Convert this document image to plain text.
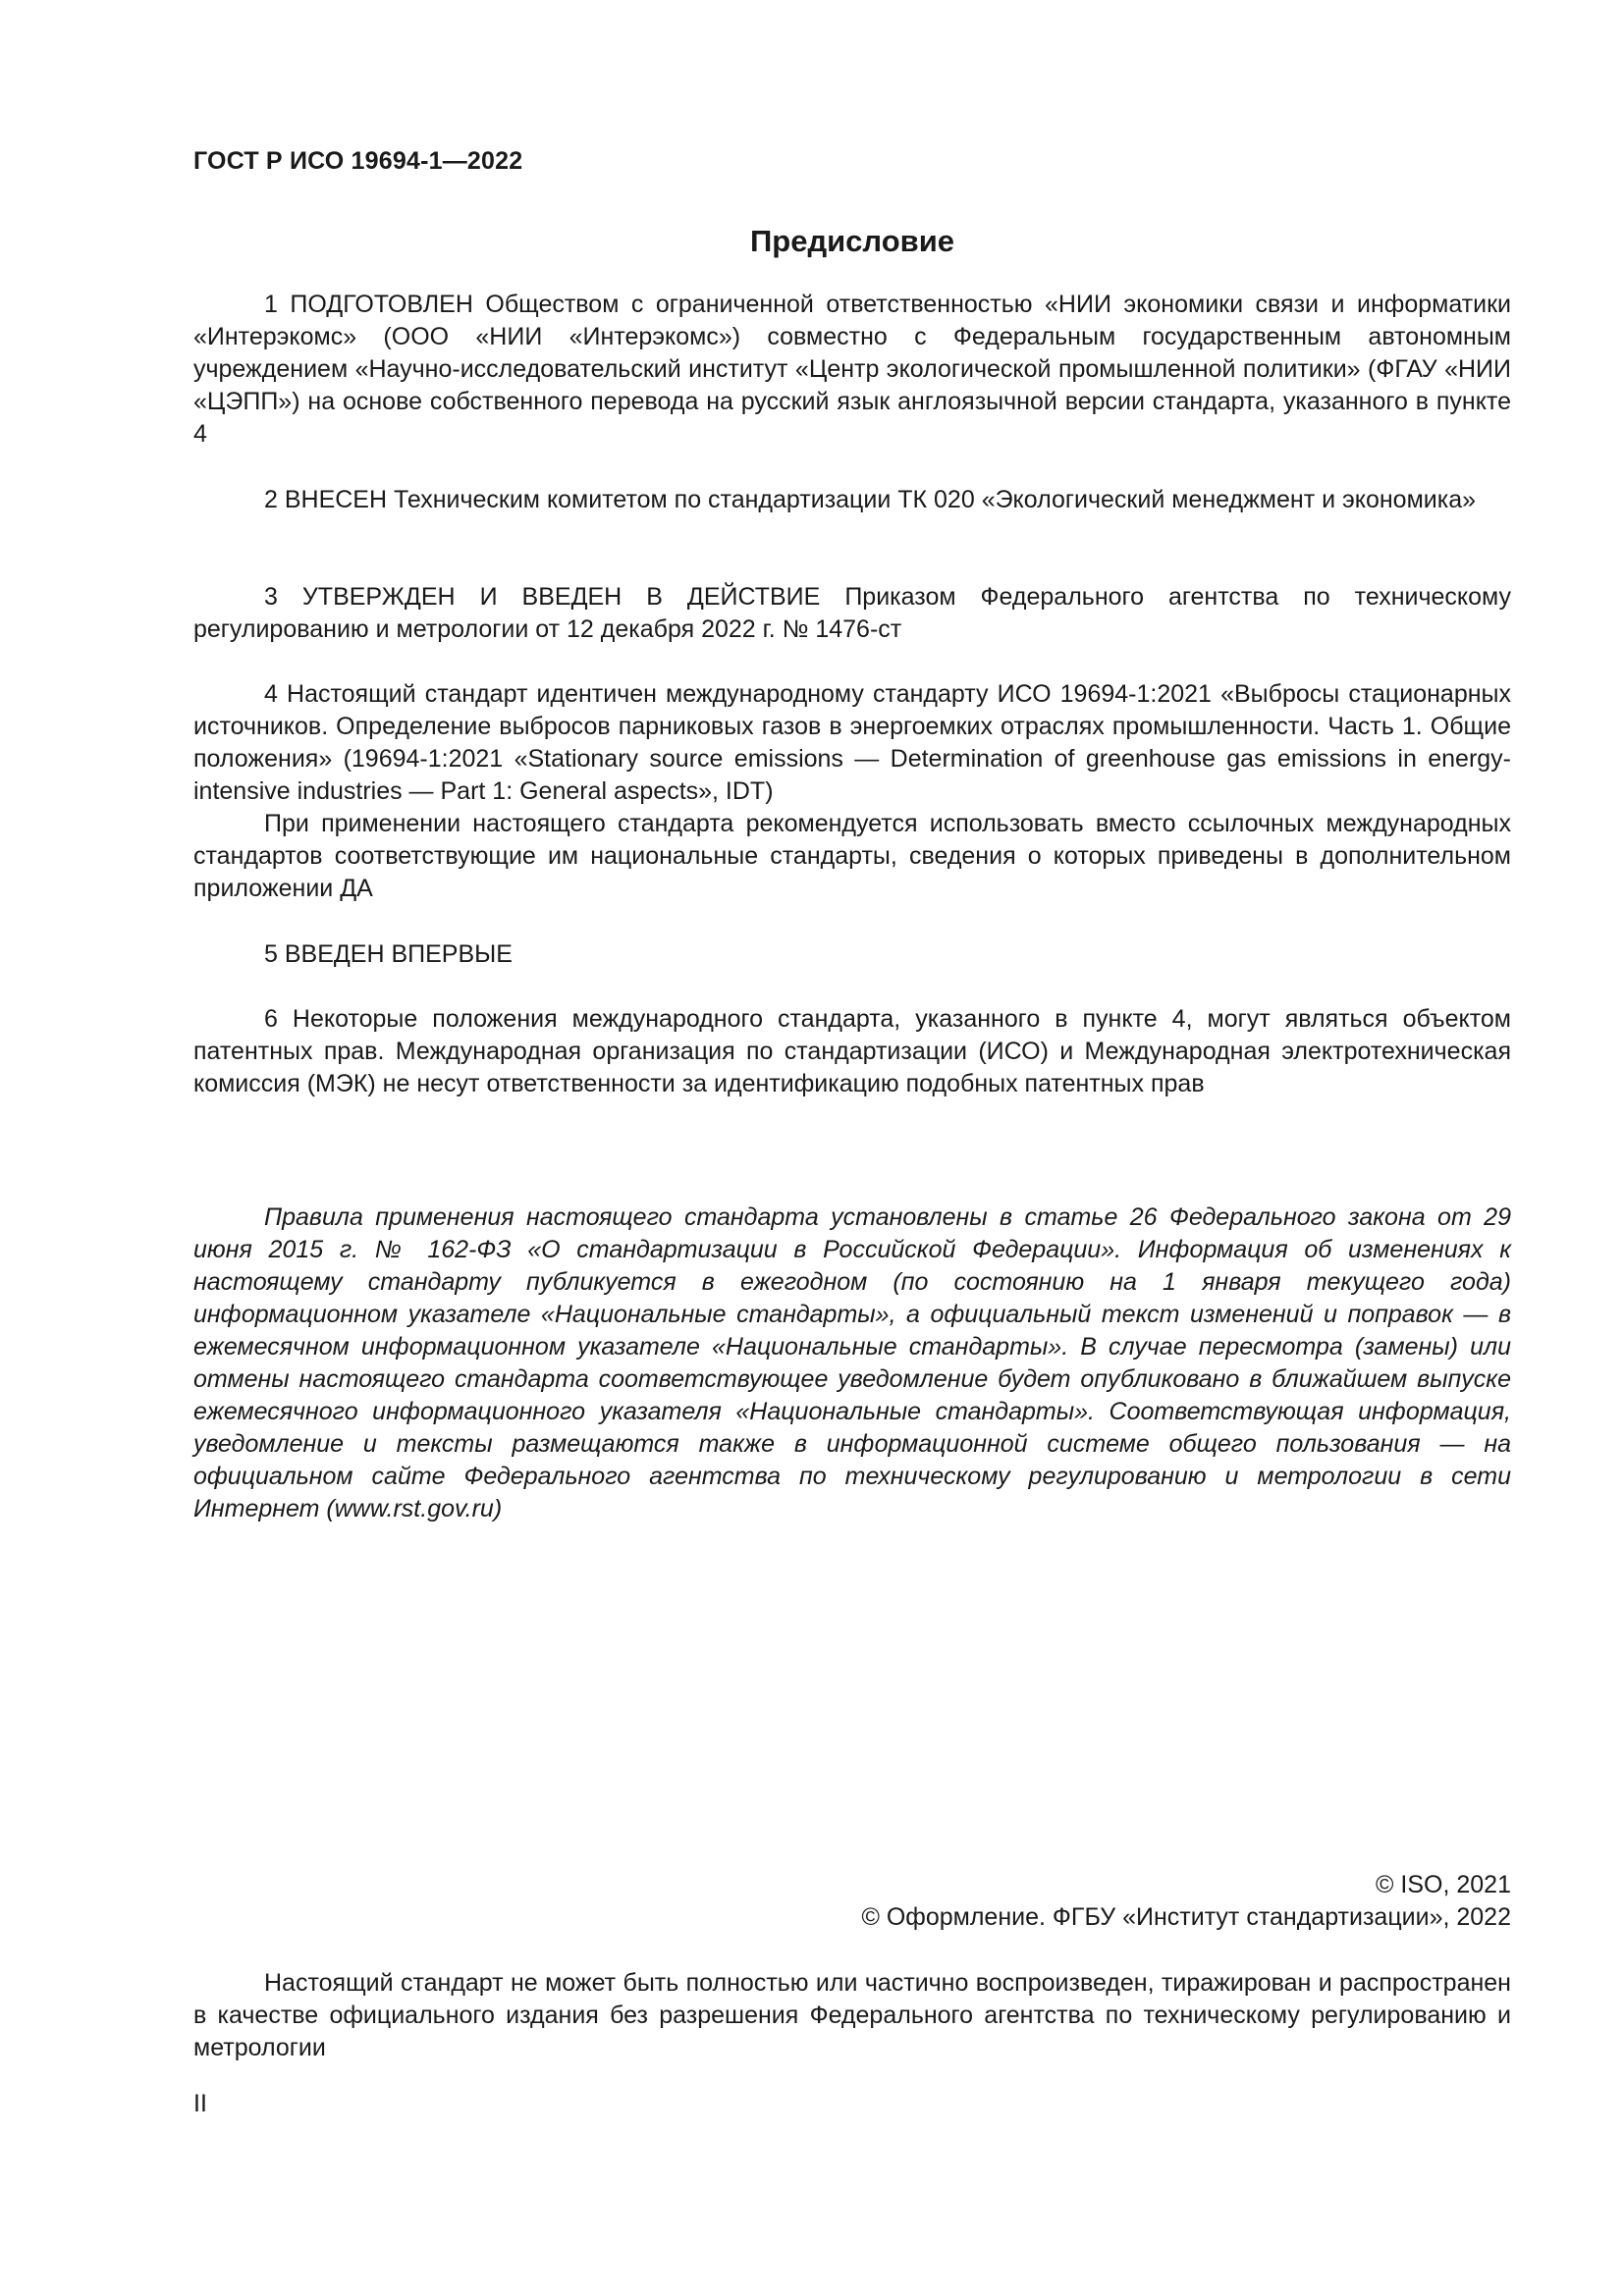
ГОСТ Р ИСО 19694-1—2022
Предисловие

1 ПОДГОТОВЛЕН Обществом с ограниченной ответственностью «НИИ экономики связи и информатики «Интерэкомс» (ООО «НИИ «Интерэкомс») совместно с Федеральным государственным автономным учреждением «Научно-исследовательский институт «Центр экологической промышленной политики» (ФГАУ «НИИ «ЦЭПП») на основе собственного перевода на русский язык англоязычной версии стандарта, указанного в пункте 4

2 ВНЕСЕН Техническим комитетом по стандартизации ТК 020 «Экологический менеджмент и экономика»

3 УТВЕРЖДЕН И ВВЕДЕН В ДЕЙСТВИЕ Приказом Федерального агентства по техническому регулированию и метрологии от 12 декабря 2022 г. № 1476-ст

4 Настоящий стандарт идентичен международному стандарту ИСО 19694-1:2021 «Выбросы стационарных источников. Определение выбросов парниковых газов в энергоемких отраслях промышленности. Часть 1. Общие положения» (19694-1:2021 «Stationary source emissions — Determination of greenhouse gas emissions in energy-intensive industries — Part 1: General aspects», IDT)

При применении настоящего стандарта рекомендуется использовать вместо ссылочных международных стандартов соответствующие им национальные стандарты, сведения о которых приведены в дополнительном приложении ДА

5 ВВЕДЕН ВПЕРВЫЕ

6 Некоторые положения международного стандарта, указанного в пункте 4, могут являться объектом патентных прав. Международная организация по стандартизации (ИСО) и Международная электротехническая комиссия (МЭК) не несут ответственности за идентификацию подобных патентных прав

Правила применения настоящего стандарта установлены в статье 26 Федерального закона от 29 июня 2015 г. № 162-ФЗ «О стандартизации в Российской Федерации». Информация об изменениях к настоящему стандарту публикуется в ежегодном (по состоянию на 1 января текущего года) информационном указателе «Национальные стандарты», а официальный текст изменений и поправок — в ежемесячном информационном указателе «Национальные стандарты». В случае пересмотра (замены) или отмены настоящего стандарта соответствующее уведомление будет опубликовано в ближайшем выпуске ежемесячного информационного указателя «Национальные стандарты». Соответствующая информация, уведомление и тексты размещаются также в информационной системе общего пользования — на официальном сайте Федерального агентства по техническому регулированию и метрологии в сети Интернет (www.rst.gov.ru)

© ISO, 2021
© Оформление. ФГБУ «Институт стандартизации», 2022

Настоящий стандарт не может быть полностью или частично воспроизведен, тиражирован и распространен в качестве официального издания без разрешения Федерального агентства по техническому регулированию и метрологии

II
